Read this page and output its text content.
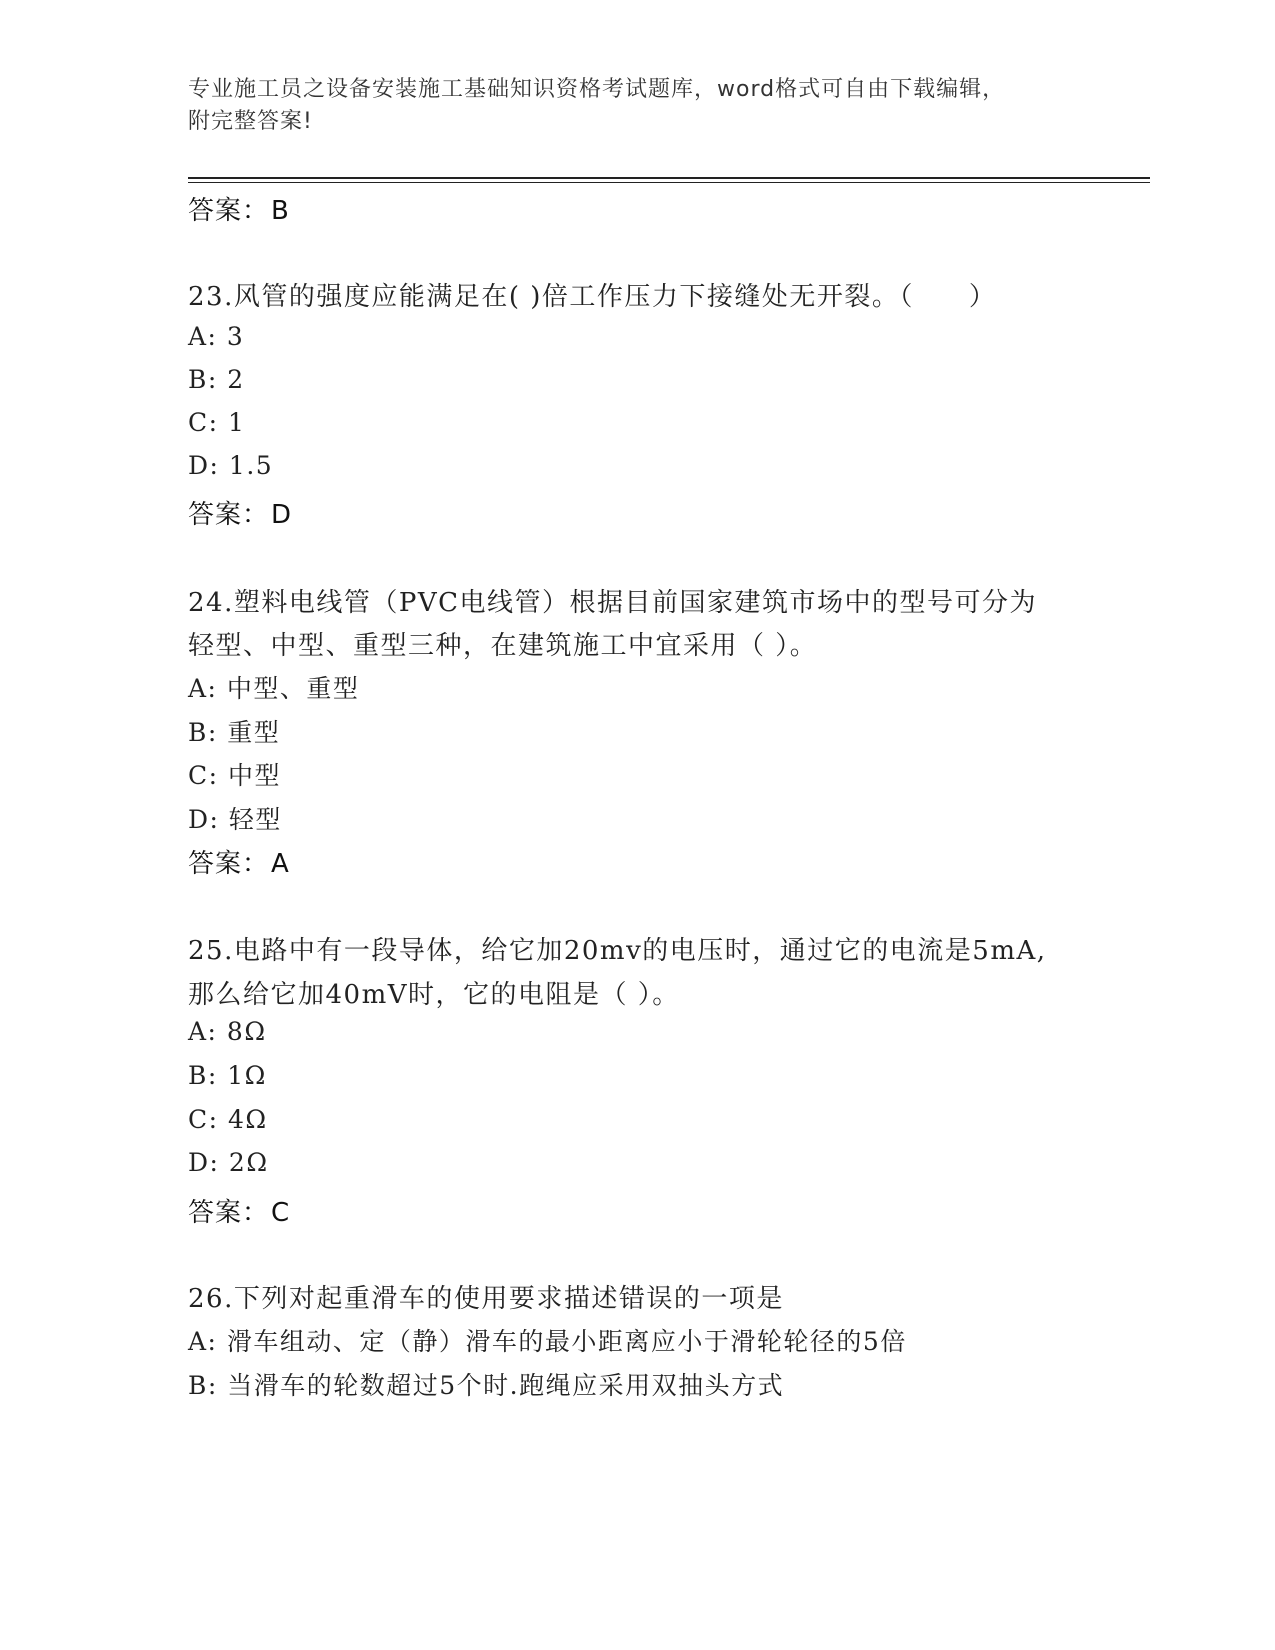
专业施工员之设备安装施工基础知识资格考试题库，word格式可自由下载编辑，
附完整答案!
答案：B
23.风管的强度应能满足在( )倍工作压力下接缝处无开裂。（　　）
A: 3
B: 2
C: 1
D: 1.5
答案：D
24.塑料电线管（PVC电线管）根据目前国家建筑市场中的型号可分为
轻型、中型、重型三种，在建筑施工中宜采用（ ）。
A: 中型、重型
B: 重型
C: 中型
D: 轻型
答案：A
25.电路中有一段导体，给它加20mv的电压时，通过它的电流是5mA,
那么给它加40mV时，它的电阻是（ ）。
A: 8Ω
B: 1Ω
C: 4Ω
D: 2Ω
答案：C
26.下列对起重滑车的使用要求描述错误的一项是
A: 滑车组动、定（静）滑车的最小距离应小于滑轮轮径的5倍
B: 当滑车的轮数超过5个时.跑绳应采用双抽头方式
